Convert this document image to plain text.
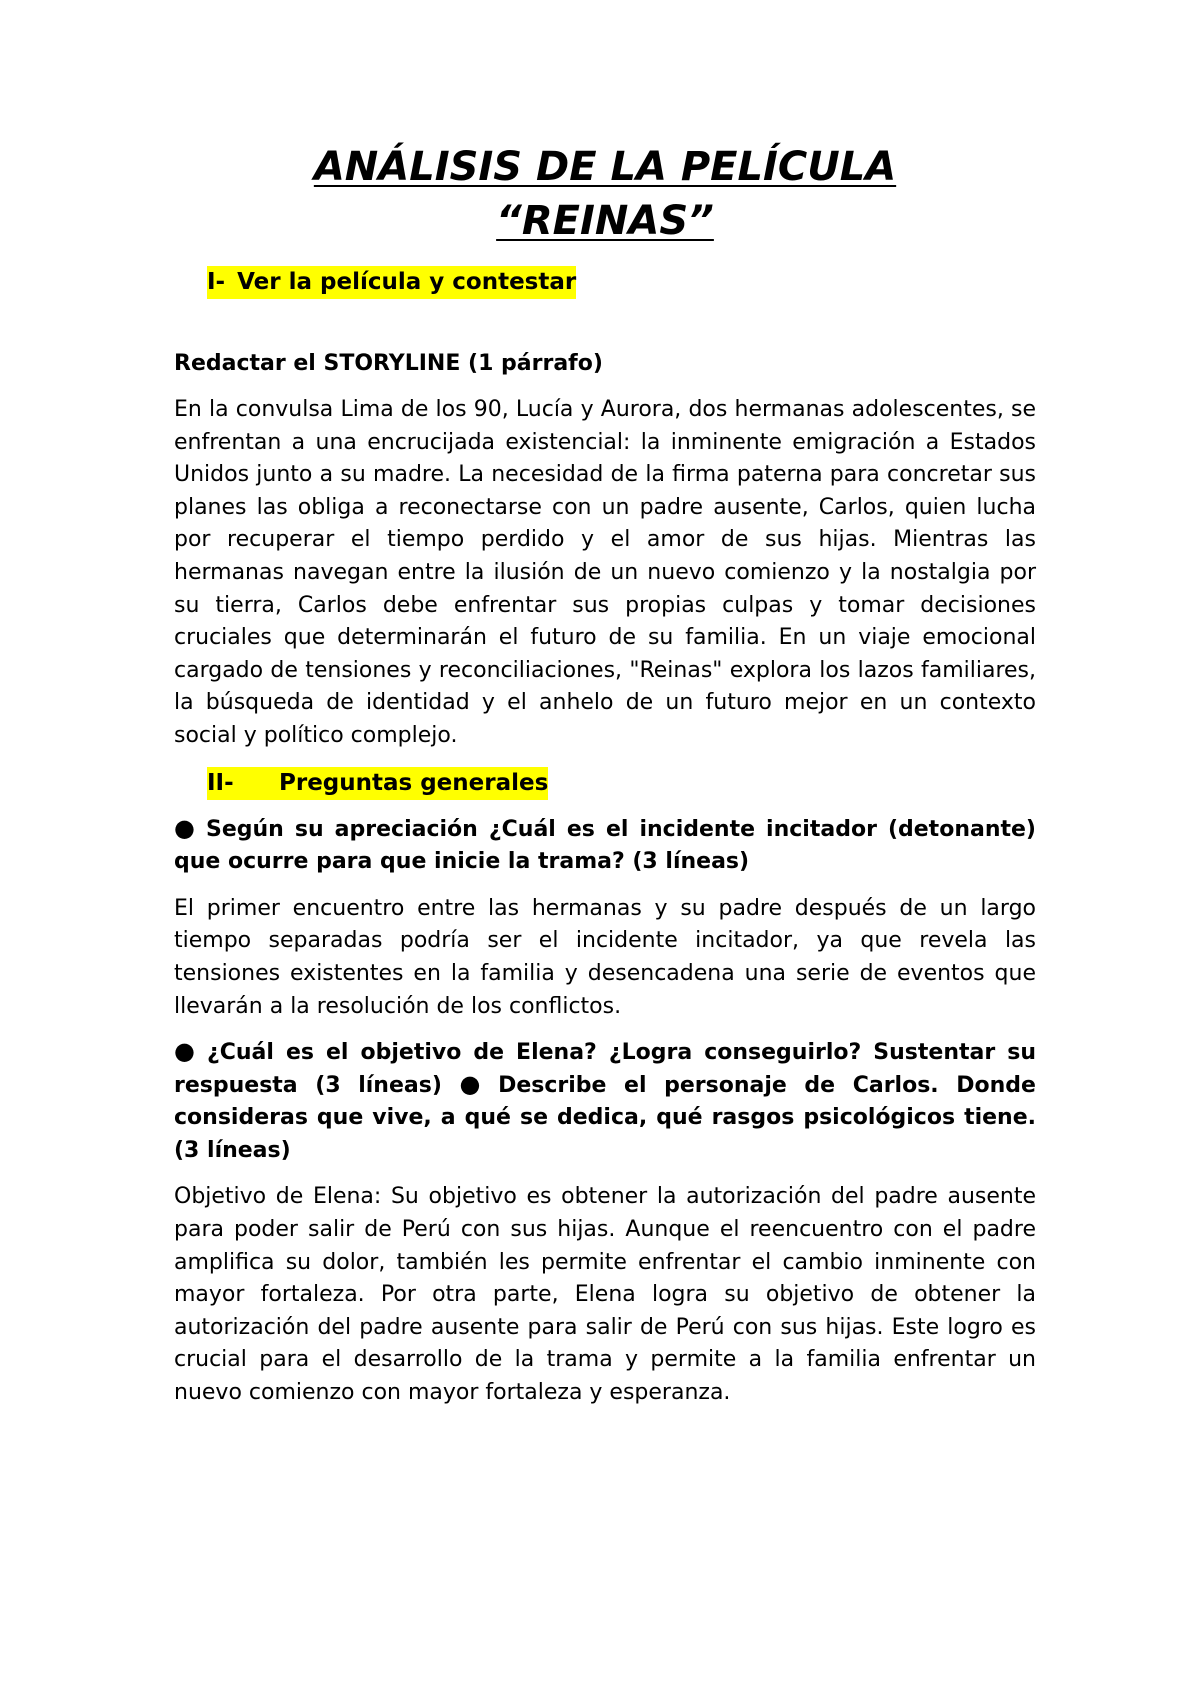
ANÁLISIS DE LA PELÍCULA
“REINAS”
I- Ver la película y contestar
Redactar el STORYLINE (1 párrafo)

En la convulsa Lima de los 90, Lucía y Aurora, dos hermanas adolescentes, se enfrentan a una encrucijada existencial: la inminente emigración a Estados Unidos junto a su madre. La necesidad de la firma paterna para concretar sus planes las obliga a reconectarse con un padre ausente, Carlos, quien lucha por recuperar el tiempo perdido y el amor de sus hijas. Mientras las hermanas navegan entre la ilusión de un nuevo comienzo y la nostalgia por su tierra, Carlos debe enfrentar sus propias culpas y tomar decisiones cruciales que determinarán el futuro de su familia. En un viaje emocional cargado de tensiones y reconciliaciones, "Reinas" explora los lazos familiares, la búsqueda de identidad y el anhelo de un futuro mejor en un contexto social y político complejo.

II- Preguntas generales
● Según su apreciación ¿Cuál es el incidente incitador (detonante) que ocurre para que inicie la trama? (3 líneas)

El primer encuentro entre las hermanas y su padre después de un largo tiempo separadas podría ser el incidente incitador, ya que revela las tensiones existentes en la familia y desencadena una serie de eventos que llevarán a la resolución de los conflictos.

● ¿Cuál es el objetivo de Elena? ¿Logra conseguirlo? Sustentar su respuesta (3 líneas) ● Describe el personaje de Carlos. Donde consideras que vive, a qué se dedica, qué rasgos psicológicos tiene. (3 líneas)

Objetivo de Elena: Su objetivo es obtener la autorización del padre ausente para poder salir de Perú con sus hijas. Aunque el reencuentro con el padre amplifica su dolor, también les permite enfrentar el cambio inminente con mayor fortaleza. Por otra parte, Elena logra su objetivo de obtener la autorización del padre ausente para salir de Perú con sus hijas. Este logro es crucial para el desarrollo de la trama y permite a la familia enfrentar un nuevo comienzo con mayor fortaleza y esperanza.
